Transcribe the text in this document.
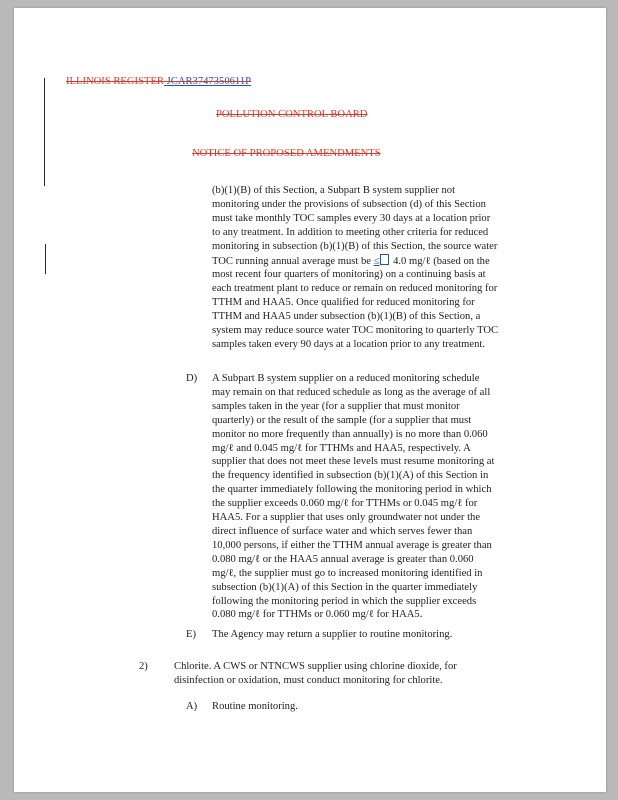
ILLINOIS REGISTER JCAR3747350611P
POLLUTION CONTROL BOARD
NOTICE OF PROPOSED AMENDMENTS
(b)(1)(B) of this Section, a Subpart B system supplier not
monitoring under the provisions of subsection (d) of this Section
must take monthly TOC samples every 30 days at a location prior
to any treatment. In addition to meeting other criteria for reduced
monitoring in subsection (b)(1)(B) of this Section, the source water
TOC running annual average must be ≤ 4.0 mg/ℓ (based on the
most recent four quarters of monitoring) on a continuing basis at
each treatment plant to reduce or remain on reduced monitoring for
TTHM and HAA5. Once qualified for reduced monitoring for
TTHM and HAA5 under subsection (b)(1)(B) of this Section, a
system may reduce source water TOC monitoring to quarterly TOC
samples taken every 90 days at a location prior to any treatment.
D) A Subpart B system supplier on a reduced monitoring schedule
may remain on that reduced schedule as long as the average of all
samples taken in the year (for a supplier that must monitor
quarterly) or the result of the sample (for a supplier that must
monitor no more frequently than annually) is no more than 0.060
mg/ℓ and 0.045 mg/ℓ for TTHMs and HAA5, respectively. A
supplier that does not meet these levels must resume monitoring at
the frequency identified in subsection (b)(1)(A) of this Section in
the quarter immediately following the monitoring period in which
the supplier exceeds 0.060 mg/ℓ for TTHMs or 0.045 mg/ℓ for
HAA5. For a supplier that uses only groundwater not under the
direct influence of surface water and which serves fewer than
10,000 persons, if either the TTHM annual average is greater than
0.080 mg/ℓ or the HAA5 annual average is greater than 0.060
mg/ℓ, the supplier must go to increased monitoring identified in
subsection (b)(1)(A) of this Section in the quarter immediately
following the monitoring period in which the supplier exceeds
0.080 mg/ℓ for TTHMs or 0.060 mg/ℓ for HAA5.
E) The Agency may return a supplier to routine monitoring.
2) Chlorite. A CWS or NTNCWS supplier using chlorine dioxide, for
disinfection or oxidation, must conduct monitoring for chlorite.
A) Routine monitoring.
